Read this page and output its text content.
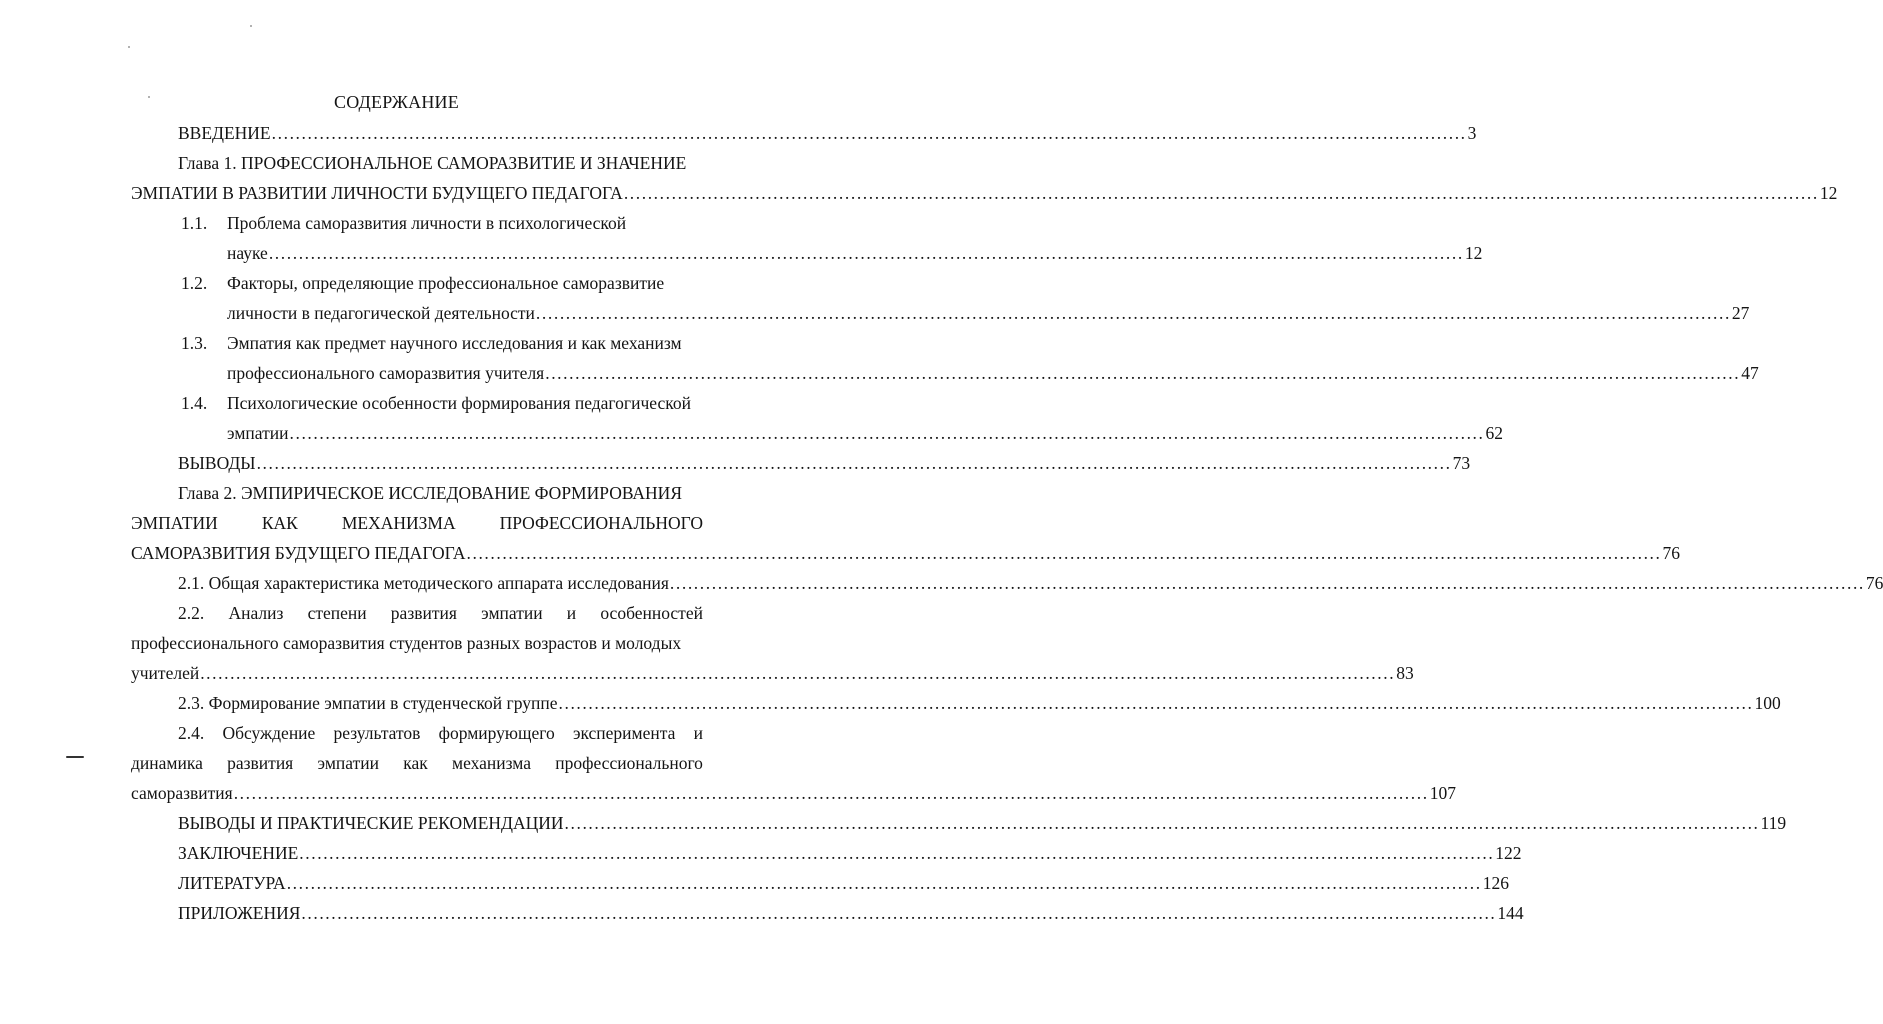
СОДЕРЖАНИЕ
ВВЕДЕНИЕ ........................................................................................................................................................................................................ 3
Глава 1. ПРОФЕССИОНАЛЬНОЕ САМОРАЗВИТИЕ И ЗНАЧЕНИЕ
ЭМПАТИИ В РАЗВИТИИ ЛИЧНОСТИ БУДУЩЕГО ПЕДАГОГА ........................................................................................................................................................................................................ 12
1.1. Проблема саморазвития личности в психологической
науке ........................................................................................................................................................................................................ 12
1.2. Факторы, определяющие профессиональное саморазвитие
личности в педагогической деятельности ........................................................................................................................................................................................................ 27
1.3. Эмпатия как предмет научного исследования и как механизм
профессионального саморазвития учителя ........................................................................................................................................................................................................ 47
1.4. Психологические особенности формирования педагогической
эмпатии ........................................................................................................................................................................................................ 62
ВЫВОДЫ ........................................................................................................................................................................................................ 73
Глава 2. ЭМПИРИЧЕСКОЕ ИССЛЕДОВАНИЕ ФОРМИРОВАНИЯ
ЭМПАТИИ	КАК	МЕХАНИЗМА	ПРОФЕССИОНАЛЬНОГО
САМОРАЗВИТИЯ БУДУЩЕГО ПЕДАГОГА ........................................................................................................................................................................................................ 76
2.1. Общая характеристика методического аппарата исследования ........................................................................................................................................................................................................ 76
2.2. Анализ степени развития эмпатии и особенностей
профессионального саморазвития студентов разных возрастов и молодых
учителей ........................................................................................................................................................................................................ 83
2.3. Формирование эмпатии в студенческой группе ........................................................................................................................................................................................................ 100
2.4. Обсуждение результатов формирующего эксперимента и
динамика развития эмпатии как механизма профессионального
саморазвития ........................................................................................................................................................................................................ 107
ВЫВОДЫ И ПРАКТИЧЕСКИЕ РЕКОМЕНДАЦИИ ........................................................................................................................................................................................................ 119
ЗАКЛЮЧЕНИЕ ........................................................................................................................................................................................................ 122
ЛИТЕРАТУРА ........................................................................................................................................................................................................ 126
ПРИЛОЖЕНИЯ ........................................................................................................................................................................................................ 144
